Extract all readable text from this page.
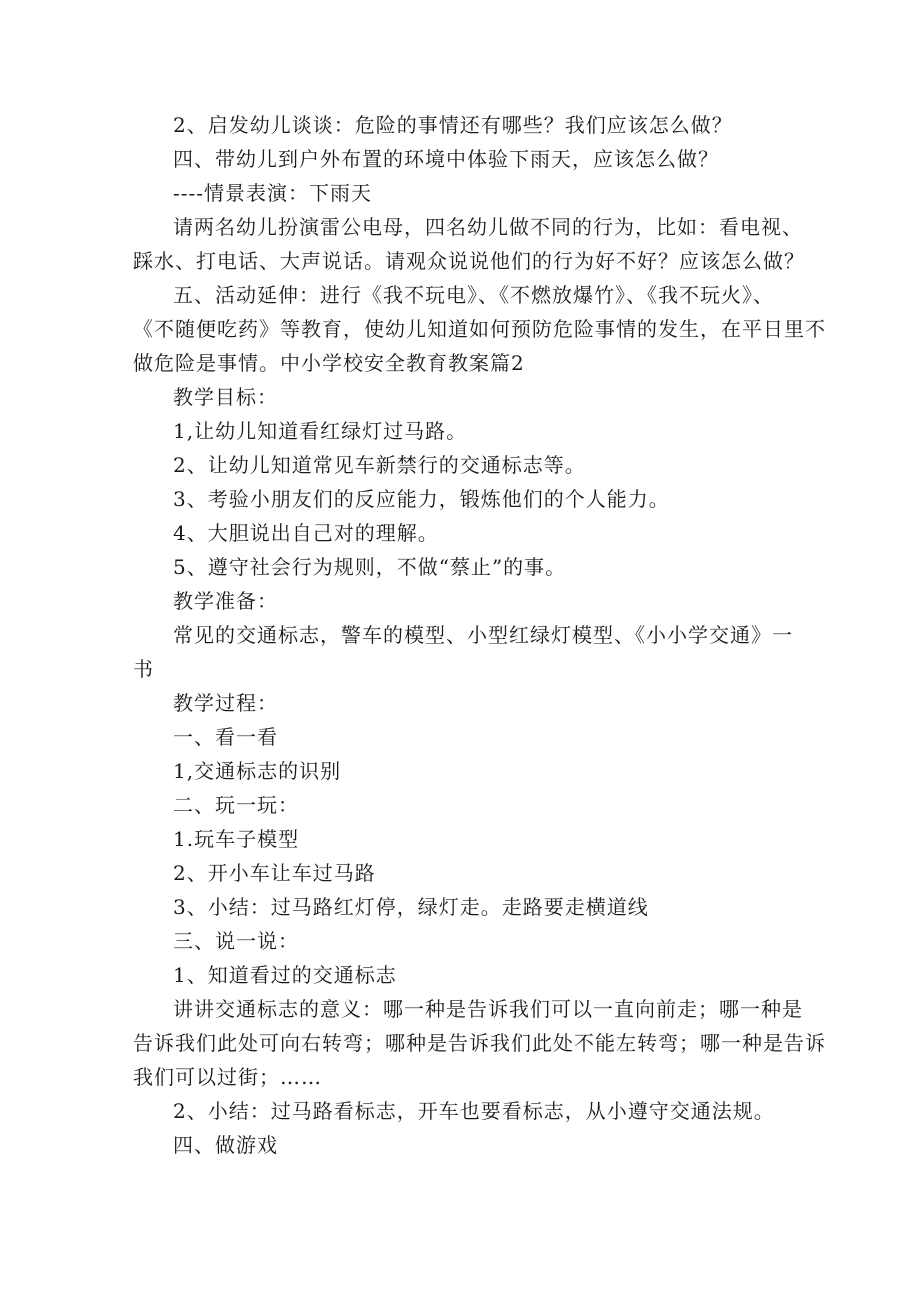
2、启发幼儿谈谈：危险的事情还有哪些？我们应该怎么做？
四、带幼儿到户外布置的环境中体验下雨天，应该怎么做？
----情景表演：下雨天
请两名幼儿扮演雷公电母，四名幼儿做不同的行为，比如：看电视、
踩水、打电话、大声说话。请观众说说他们的行为好不好？应该怎么做？
五、活动延伸：进行《我不玩电》、《不燃放爆竹》、《我不玩火》、
《不随便吃药》等教育，使幼儿知道如何预防危险事情的发生，在平日里不
做危险是事情。中小学校安全教育教案篇2
教学目标：
1,让幼儿知道看红绿灯过马路。
2、让幼儿知道常见车新禁行的交通标志等。
3、考验小朋友们的反应能力，锻炼他们的个人能力。
4、大胆说出自己对的理解。
5、遵守社会行为规则，不做“蔡止”的事。
教学准备：
常见的交通标志，警车的模型、小型红绿灯模型、《小小学交通》一
书
教学过程：
一、看一看
1,交通标志的识别
二、玩一玩：
1.玩车子模型
2、开小车让车过马路
3、小结：过马路红灯停，绿灯走。走路要走横道线
三、说一说：
1、知道看过的交通标志
讲讲交通标志的意义：哪一种是告诉我们可以一直向前走；哪一种是
告诉我们此处可向右转弯；哪种是告诉我们此处不能左转弯；哪一种是告诉
我们可以过街；……
2、小结：过马路看标志，开车也要看标志，从小遵守交通法规。
四、做游戏
